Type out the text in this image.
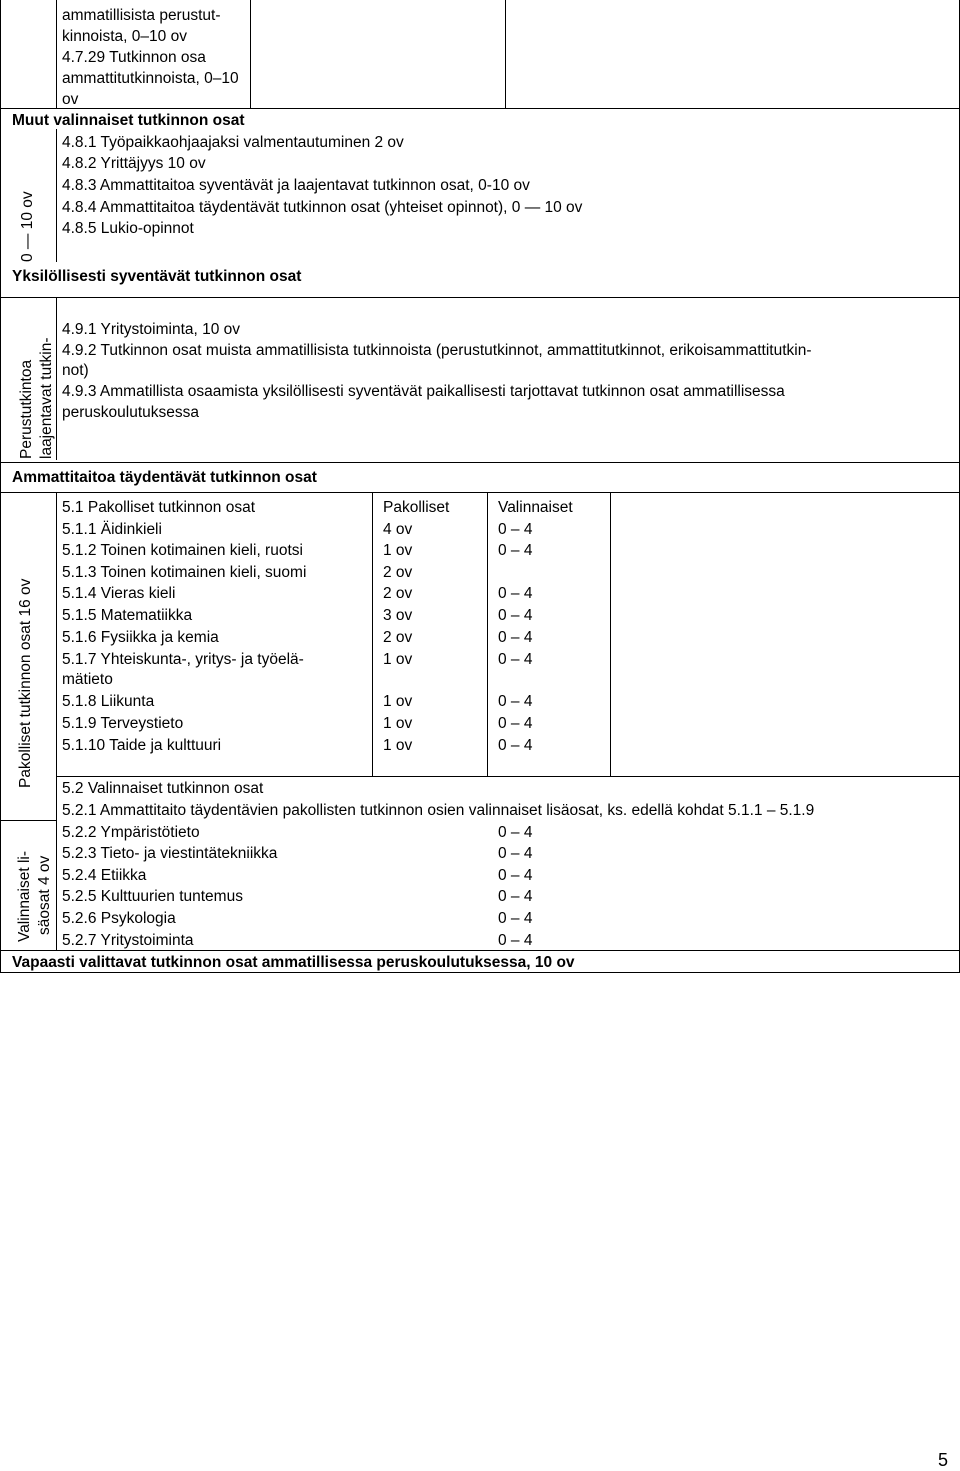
ammatillisista perustut-
kinnoista, 0–10 ov
4.7.29 Tutkinnon osa
ammattitutkinnoista, 0–10
ov
Muut valinnaiset tutkinnon osat
0 — 10 ov
4.8.1 Työpaikkaohjaajaksi valmentautuminen 2 ov
4.8.2 Yrittäjyys 10 ov
4.8.3 Ammattitaitoa syventävät ja laajentavat tutkinnon osat, 0-10 ov
4.8.4 Ammattitaitoa täydentävät tutkinnon osat (yhteiset opinnot), 0 — 10 ov
4.8.5 Lukio-opinnot
Yksilöllisesti syventävät tutkinnon osat
Perustutkintoa laajentavat tutkin-
4.9.1 Yritystoiminta, 10 ov
4.9.2 Tutkinnon osat muista ammatillisista tutkinnoista (perustutkinnot, ammattitutkinnot, erikoisammattitutkin-
not)
4.9.3 Ammatillista osaamista yksilöllisesti syventävät paikallisesti tarjottavat tutkinnon osat ammatillisessa
peruskoulutuksessa
Ammattitaitoa täydentävät tutkinnon osat
Pakolliset tutkinnon osat 16 ov
Valinnaiset li- säosat 4 ov
5.1 Pakolliset tutkinnon osat	Pakolliset	Valinnaiset
5.1.1 Äidinkieli	4 ov	0 – 4
5.1.2 Toinen kotimainen kieli, ruotsi	1 ov	0 – 4
5.1.3 Toinen kotimainen kieli, suomi	2 ov
5.1.4 Vieras kieli	2 ov	0 – 4
5.1.5 Matematiikka	3 ov	0 – 4
5.1.6 Fysiikka ja kemia	2 ov	0 – 4
5.1.7 Yhteiskunta-, yritys- ja työelä-	1 ov	0 – 4
mätieto
5.1.8 Liikunta	1 ov	0 – 4
5.1.9 Terveystieto	1 ov	0 – 4
5.1.10 Taide ja kulttuuri	1 ov	0 – 4
5.2 Valinnaiset tutkinnon osat
5.2.1 Ammattitaito täydentävien pakollisten tutkinnon osien valinnaiset lisäosat, ks. edellä kohdat 5.1.1 – 5.1.9
5.2.2 Ympäristötieto	0 – 4
5.2.3 Tieto- ja viestintätekniikka	0 – 4
5.2.4 Etiikka	0 – 4
5.2.5 Kulttuurien tuntemus	0 – 4
5.2.6 Psykologia	0 – 4
5.2.7 Yritystoiminta	0 – 4
Vapaasti valittavat tutkinnon osat ammatillisessa peruskoulutuksessa, 10 ov
5
